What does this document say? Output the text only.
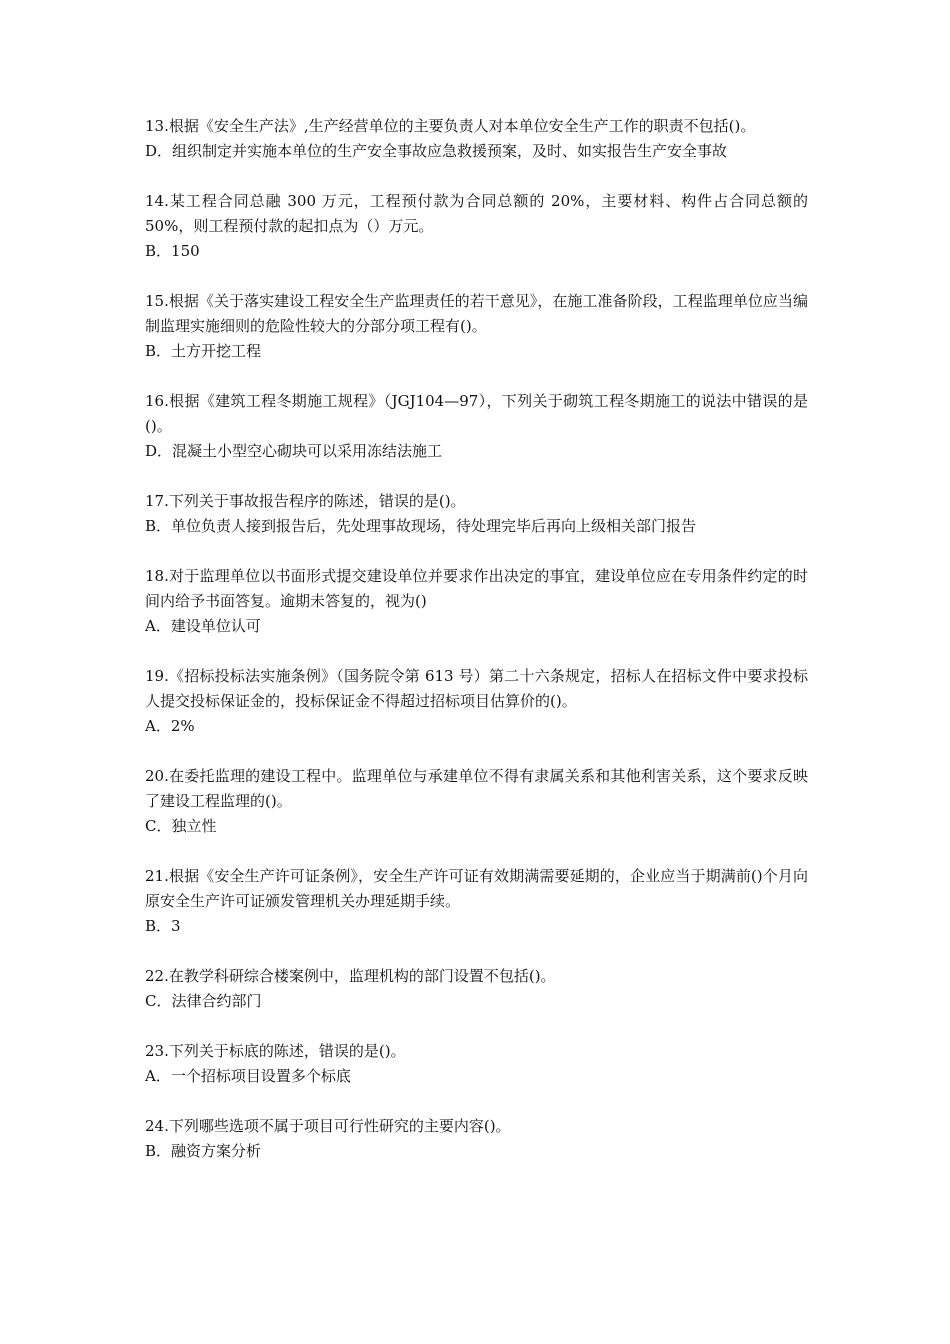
13.根据《安全生产法》,生产经营单位的主要负责人对本单位安全生产工作的职责不包括()。

D．组织制定并实施本单位的生产安全事故应急救援预案，及时、如实报告生产安全事故

14.某工程合同总融 300 万元，工程预付款为合同总额的 20%，主要材料、构件占合同总额的 50%，则工程预付款的起扣点为（）万元。

B．150

15.根据《关于落实建设工程安全生产监理责任的若干意见》，在施工准备阶段，工程监理单位应当编制监理实施细则的危险性较大的分部分项工程有()。

B．土方开挖工程

16.根据《建筑工程冬期施工规程》（JGJ104—97），下列关于砌筑工程冬期施工的说法中错误的是()。

D．混凝土小型空心砌块可以采用冻结法施工

17.下列关于事故报告程序的陈述，错误的是()。

B．单位负责人接到报告后，先处理事故现场，待处理完毕后再向上级相关部门报告

18.对于监理单位以书面形式提交建设单位并要求作出决定的事宜，建设单位应在专用条件约定的时间内给予书面答复。逾期未答复的，视为()

A．建设单位认可

19.《招标投标法实施条例》（国务院令第 613 号）第二十六条规定，招标人在招标文件中要求投标人提交投标保证金的，投标保证金不得超过招标项目估算价的()。

A．2%

20.在委托监理的建设工程中。监理单位与承建单位不得有隶属关系和其他利害关系，这个要求反映了建设工程监理的()。

C．独立性

21.根据《安全生产许可证条例》，安全生产许可证有效期满需要延期的，企业应当于期满前()个月向原安全生产许可证颁发管理机关办理延期手续。

B．3

22.在教学科研综合楼案例中，监理机构的部门设置不包括()。

C．法律合约部门

23.下列关于标底的陈述，错误的是()。

A．一个招标项目设置多个标底

24.下列哪些选项不属于项目可行性研究的主要内容()。

B．融资方案分析
